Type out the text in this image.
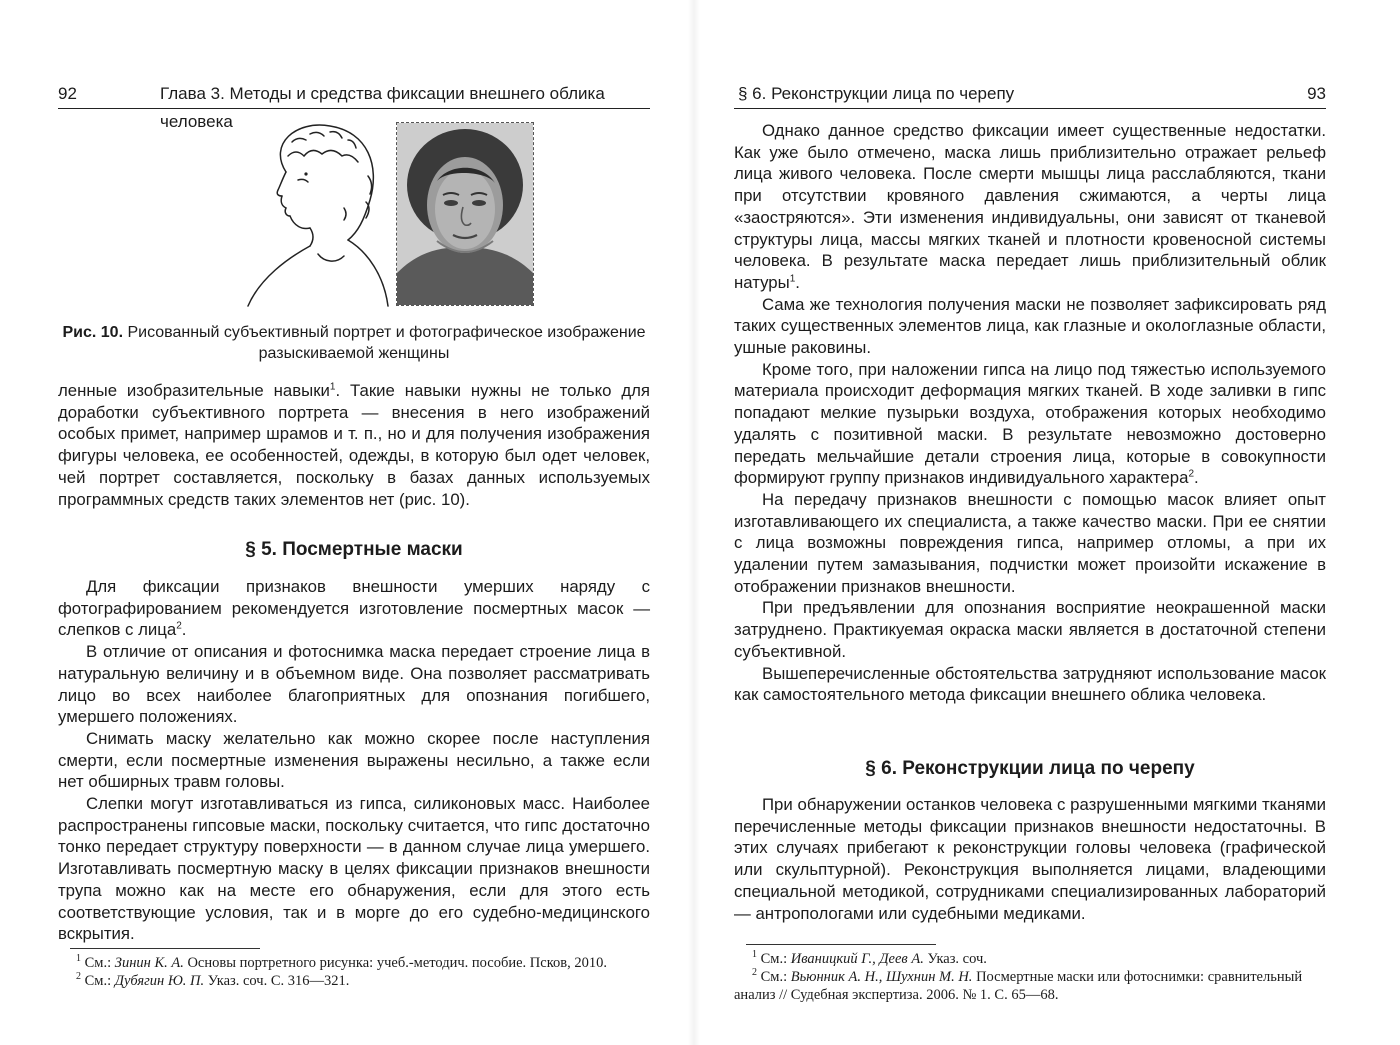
92	Глава 3. Методы и средства фиксации внешнего облика человека
Рис. 10. Рисованный субъективный портрет и фотографическое изображение разыскиваемой женщины

ленные изобразительные навыки$^1$. Такие навыки нужны не только для доработки субъективного портрета — внесения в него изображений особых примет, например шрамов и т. п., но и для получения изображения фигуры человека, ее особенностей, одежды, в которую был одет человек, чей портрет составляется, поскольку в базах данных используемых программных средств таких элементов нет (рис. 10).

§ 5. Посмертные маски

Для фиксации признаков внешности умерших наряду с фотографированием рекомендуется изготовление посмертных масок — слепков с лица$^2$.

В отличие от описания и фотоснимка маска передает строение лица в натуральную величину и в объемном виде. Она позволяет рассматривать лицо во всех наиболее благоприятных для опознания погибшего, умершего положениях.

Снимать маску желательно как можно скорее после наступления смерти, если посмертные изменения выражены несильно, а также если нет обширных травм головы.

Слепки могут изготавливаться из гипса, силиконовых масс. Наиболее распространены гипсовые маски, поскольку считается, что гипс достаточно тонко передает структуру поверхности — в данном случае лица умершего. Изготавливать посмертную маску в целях фиксации признаков внешности трупа можно как на месте его обнаружения, если для этого есть соответствующие условия, так и в морге до его судебно-медицинского вскрытия.

$^1$ См.: Зинин К. А. Основы портретного рисунка: учеб.-методич. пособие. Псков, 2010.

$^2$ См.: Дубягин Ю. П. Указ. соч. С. 316—321.

§ 6. Реконструкции лица по черепу	93

Однако данное средство фиксации имеет существенные недостатки. Как уже было отмечено, маска лишь приблизительно отражает рельеф лица живого человека. После смерти мышцы лица расслабляются, ткани при отсутствии кровяного давления сжимаются, а черты лица «заостряются». Эти изменения индивидуальны, они зависят от тканевой структуры лица, массы мягких тканей и плотности кровеносной системы человека. В результате маска передает лишь приблизительный облик натуры$^1$.

Сама же технология получения маски не позволяет зафиксировать ряд таких существенных элементов лица, как глазные и окологлазные области, ушные раковины.

Кроме того, при наложении гипса на лицо под тяжестью используемого материала происходит деформация мягких тканей. В ходе заливки в гипс попадают мелкие пузырьки воздуха, отображения которых необходимо удалять с позитивной маски. В результате невозможно достоверно передать мельчайшие детали строения лица, которые в совокупности формируют группу признаков индивидуального характера$^2$.

На передачу признаков внешности с помощью масок влияет опыт изготавливающего их специалиста, а также качество маски. При ее снятии с лица возможны повреждения гипса, например отломы, а при их удалении путем замазывания, подчистки может произойти искажение в отображении признаков внешности.

При предъявлении для опознания восприятие неокрашенной маски затруднено. Практикуемая окраска маски является в достаточной степени субъективной.

Вышеперечисленные обстоятельства затрудняют использование масок как самостоятельного метода фиксации внешнего облика человека.

§ 6. Реконструкции лица по черепу

При обнаружении останков человека с разрушенными мягкими тканями перечисленные методы фиксации признаков внешности недостаточны. В этих случаях прибегают к реконструкции головы человека (графической или скульптурной). Реконструкция выполняется лицами, владеющими специальной методикой, сотрудниками специализированных лабораторий — антропологами или судебными медиками.

$^1$ См.: Иваницкий Г., Деев А. Указ. соч.

$^2$ См.: Вьюнник А. Н., Шухнин М. Н. Посмертные маски или фотоснимки: сравнительный анализ // Судебная экспертиза. 2006. № 1. С. 65—68.
